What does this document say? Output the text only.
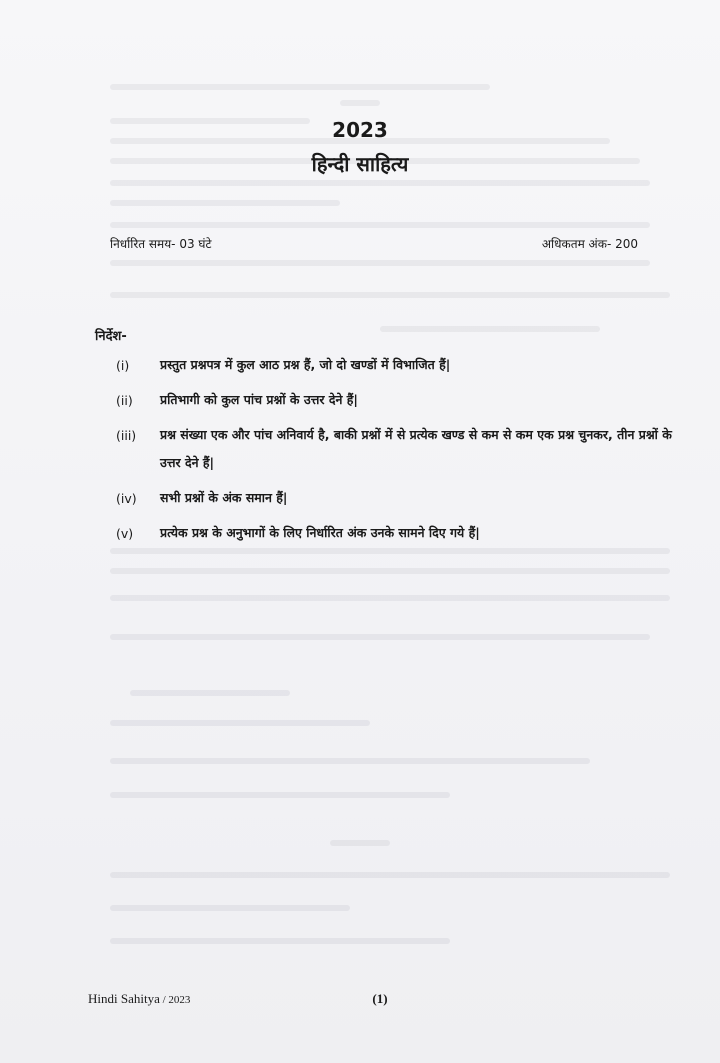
2023
हिन्दी साहित्य
निर्धारित समय- 03 घंटे	अधिकतम अंक- 200
निर्देश-
(i)	प्रस्तुत प्रश्नपत्र में कुल आठ प्रश्न हैं, जो दो खण्डों में विभाजित हैं|
(ii)	प्रतिभागी को कुल पांच प्रश्नों के उत्तर देने हैं|
(iii)	प्रश्न संख्या एक और पांच अनिवार्य है, बाकी प्रश्नों में से प्रत्येक खण्ड से कम से कम एक प्रश्न चुनकर, तीन प्रश्नों के उत्तर देने हैं|
(iv)	सभी प्रश्नों के अंक समान हैं|
(v)	प्रत्येक प्रश्न के अनुभागों के लिए निर्धारित अंक उनके सामने दिए गये हैं|
Hindi Sahitya / 2023	(1)
